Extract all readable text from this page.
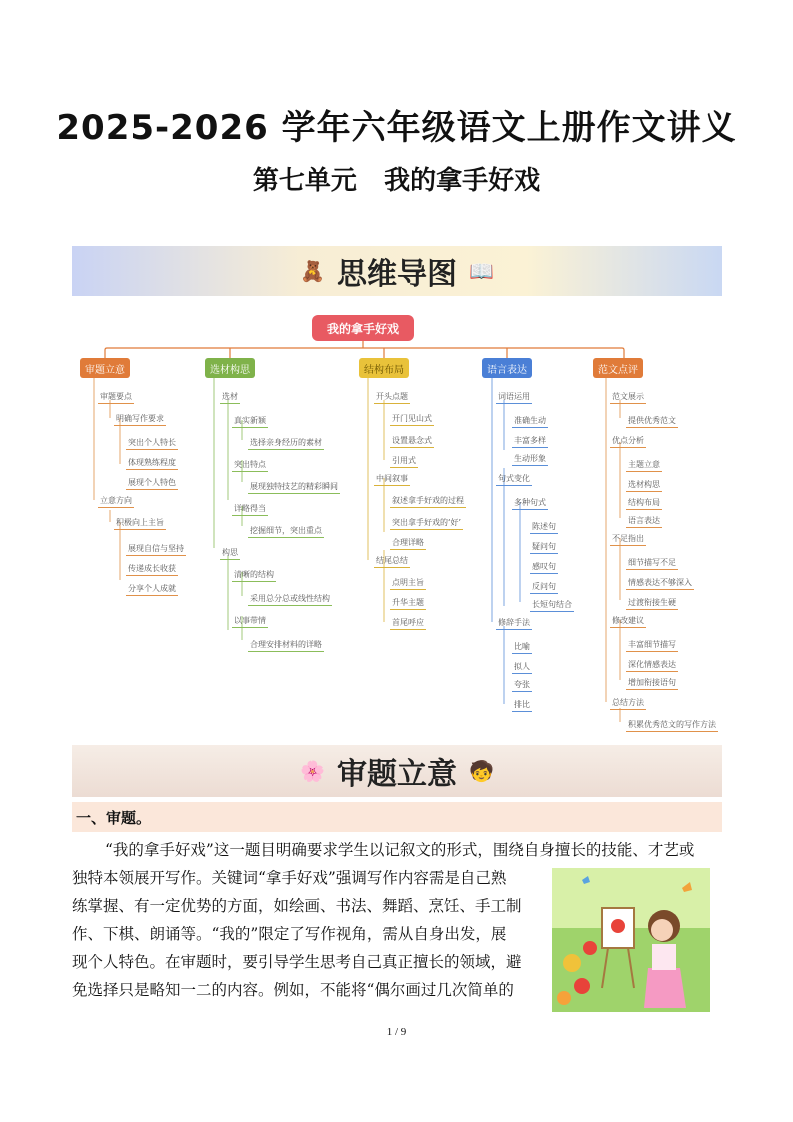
2025-2026 学年六年级语文上册作文讲义
第七单元   我的拿手好戏
🧸 思维导图 📖
我的拿手好戏
审题立意	选材构思	结构布局	语言表达	范文点评
审题要点
明确写作要求
突出个人特长
体现熟练程度
展现个人特色
立意方向
积极向上主旨
展现自信与坚持
传递成长收获
分享个人成就
选材
真实新颖
选择亲身经历的素材
突出特点
展现独特技艺的精彩瞬间
详略得当
挖掘细节，突出重点
构思
清晰的结构
采用总分总或线性结构
以事带情
合理安排材料的详略
开头点题
开门见山式
设置悬念式
引用式
中间叙事
叙述拿手好戏的过程
突出拿手好戏的‘好’
合理详略
结尾总结
点明主旨
升华主题
首尾呼应
词语运用
准确生动
丰富多样
生动形象
句式变化
多种句式
陈述句
疑问句
感叹句
反问句
长短句结合
修辞手法
比喻
拟人
夸张
排比
范文展示
提供优秀范文
优点分析
主题立意
选材构思
结构布局
语言表达
不足指出
细节描写不足
情感表达不够深入
过渡衔接生硬
修改建议
丰富细节描写
深化情感表达
增加衔接语句
总结方法
积累优秀范文的写作方法
🌸 审题立意 🧒
一、审题。
“我的拿手好戏”这一题目明确要求学生以记叙文的形式，围绕自身擅长的技能、才艺或
独特本领展开写作。关键词“拿手好戏”强调写作内容需是自己熟
练掌握、有一定优势的方面，如绘画、书法、舞蹈、烹饪、手工制
作、下棋、朗诵等。“我的”限定了写作视角，需从自身出发，展
现个人特色。在审题时，要引导学生思考自己真正擅长的领域，避
免选择只是略知一二的内容。例如，不能将“偶尔画过几次简单的
1 / 9
